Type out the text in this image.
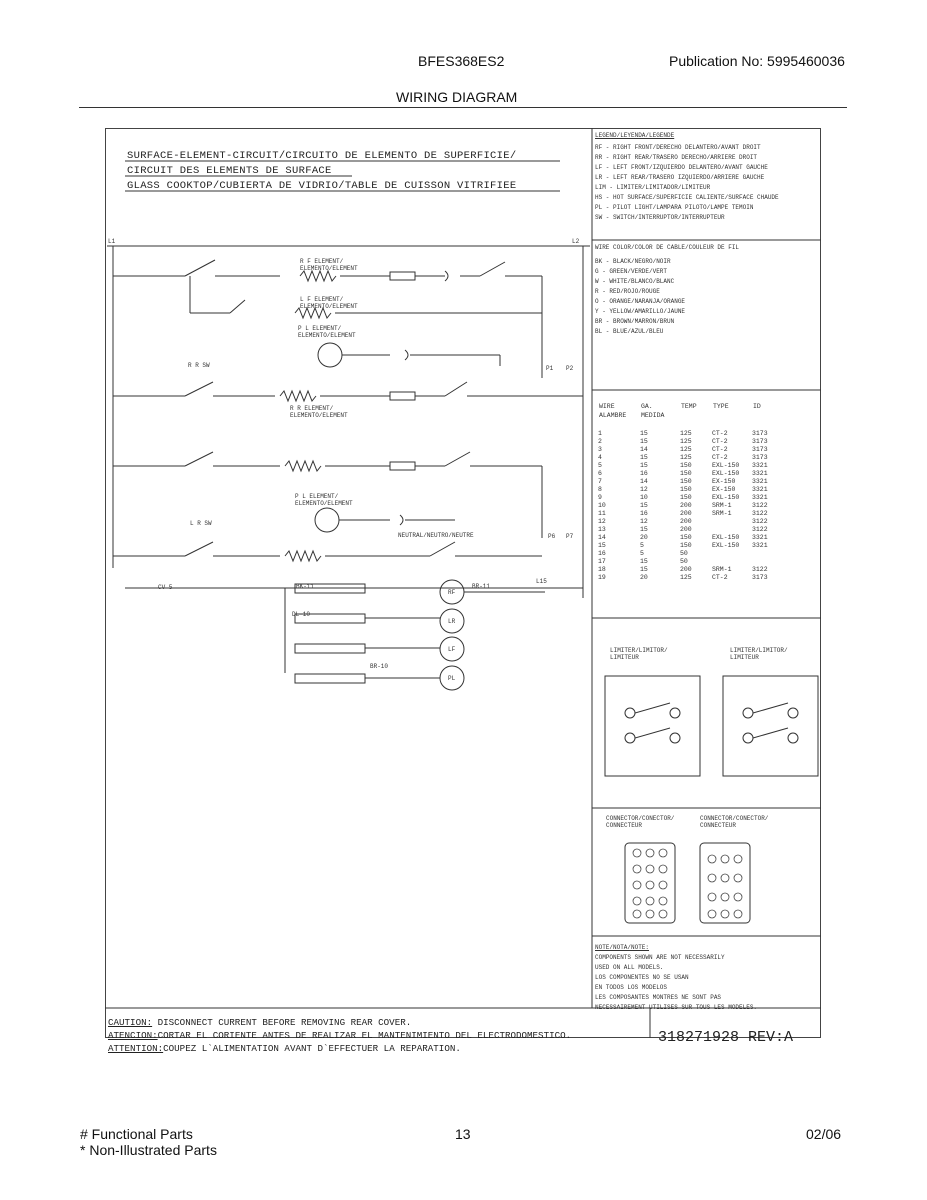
BFES368ES2	Publication No: 5995460036
WIRING DIAGRAM
SURFACE-ELEMENT-CIRCUIT/CIRCUITO DE ELEMENTO DE SUPERFICIE/
CIRCUIT DES ELEMENTS DE SURFACE
GLASS COOKTOP/CUBIERTA DE VIDRIO/TABLE DE CUISSON VITRIFIEE
L1	L2
R F ELEMENT/ ELEMENTO/ELEMENT
L F ELEMENT/ ELEMENTO/ELEMENT
P L ELEMENT/ ELEMENTO/ELEMENT
R R SW
R R ELEMENT/ ELEMENTO/ELEMENT
L R SW
P L ELEMENT/ ELEMENTO/ELEMENT
NEUTRAL/NEUTRO/NEUTRE
CV 5
L15
P1 P2
P6 P7
BK-11	BR-11
DL-10
BR-10
RF
LR
LF
PL
LEGEND/LEYENDA/LEGENDE
RF - RIGHT FRONT/DERECHO DELANTERO/AVANT DROIT
RR - RIGHT REAR/TRASERO DERECHO/ARRIERE DROIT
LF - LEFT FRONT/IZQUIERDO DELANTERO/AVANT GAUCHE
LR - LEFT REAR/TRASERO IZQUIERDO/ARRIERE GAUCHE
LIM - LIMITER/LIMITADOR/LIMITEUR
HS - HOT SURFACE/SUPERFICIE CALIENTE/SURFACE CHAUDE
PL - PILOT LIGHT/LAMPARA PILOTO/LAMPE TEMOIN
SW - SWITCH/INTERRUPTOR/INTERRUPTEUR
WIRE COLOR/COLOR DE CABLE/COULEUR DE FIL
BK - BLACK/NEGRO/NOIR
G - GREEN/VERDE/VERT
W - WHITE/BLANCO/BLANC
R - RED/ROJO/ROUGE
O - ORANGE/NARANJA/ORANGE
Y - YELLOW/AMARILLO/JAUNE
BR - BROWN/MARRON/BRUN
BL - BLUE/AZUL/BLEU
WIRE	GA.	TEMP	TYPE	ID
ALAMBRE	MEDIDA			
1	15	125	CT-2	3173
2	15	125	CT-2	3173
3	14	125	CT-2	3173
4	15	125	CT-2	3173
5	15	150	EXL-150	3321
6	16	150	EXL-150	3321
7	14	150	EX-150	3321
8	12	150	EX-150	3321
9	10	150	EXL-150	3321
10	15	200	SRM-1	3122
11	16	200	SRM-1	3122
12	12	200		3122
13	15	200		3122
14	20	150	EXL-150	3321
15	5	150	EXL-150	3321
16	5	50		
17	15	50		
18	15	200	SRM-1	3122
19	20	125	CT-2	3173
LIMITER/LIMITOR/ LIMITEUR
LIMITER/LIMITOR/ LIMITEUR
CONNECTOR/CONECTOR/ CONNECTEUR
CONNECTOR/CONECTOR/ CONNECTEUR
NOTE/NOTA/NOTE:
COMPONENTS SHOWN ARE NOT NECESSARILY
USED ON ALL MODELS.
LOS COMPONENTES NO SE USAN
EN TODOS LOS MODELOS
LES COMPOSANTES MONTRES NE SONT PAS
NECESSAIREMENT UTILISES SUR TOUS LES MODELES.
CAUTION: DISCONNECT CURRENT BEFORE REMOVING REAR COVER.
ATENCION:CORTAR EL CORIENTE ANTES DE REALIZAR EL MANTENIMIENTO DEL ELECTRODOMESTICO.
ATTENTION:COUPEZ L`ALIMENTATION AVANT D`EFFECTUER LA REPARATION.
318271928 REV:A
# Functional Parts
* Non-Illustrated Parts
13	02/06
